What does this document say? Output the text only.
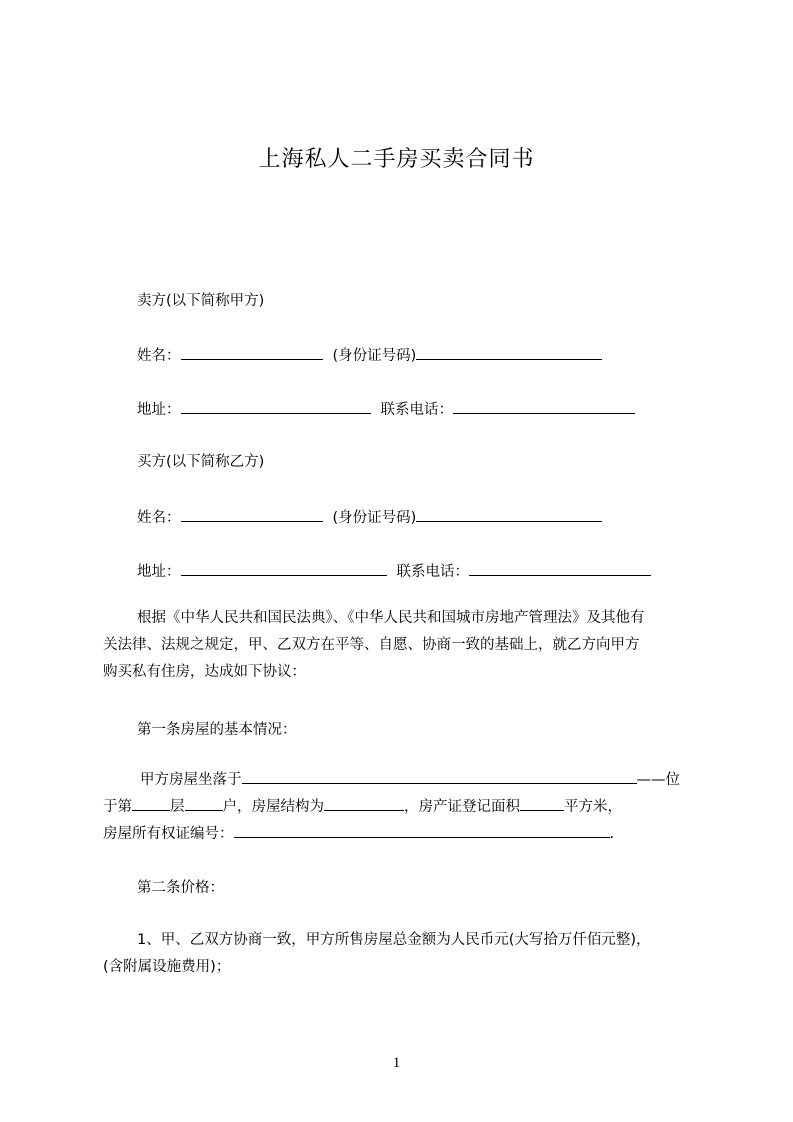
上海私人二手房买卖合同书
卖方(以下简称甲方)
姓名：	(身份证号码)
地址：	联系电话：
买方(以下简称乙方)
姓名：	(身份证号码)
地址：	联系电话：
根据《中华人民共和国民法典》、《中华人民共和国城市房地产管理法》及其他有
关法律、法规之规定，甲、乙双方在平等、自愿、协商一致的基础上，就乙方向甲方
购买私有住房，达成如下协议：
第一条房屋的基本情况：
甲方房屋坐落于	——位
于第	层	户，房屋结构为	，房产证登记面积	平方米，
房屋所有权证编号：	.
第二条价格：
1、甲、乙双方协商一致，甲方所售房屋总金额为人民币元(大写拾万仟佰元整)，
(含附属设施费用)；
1
